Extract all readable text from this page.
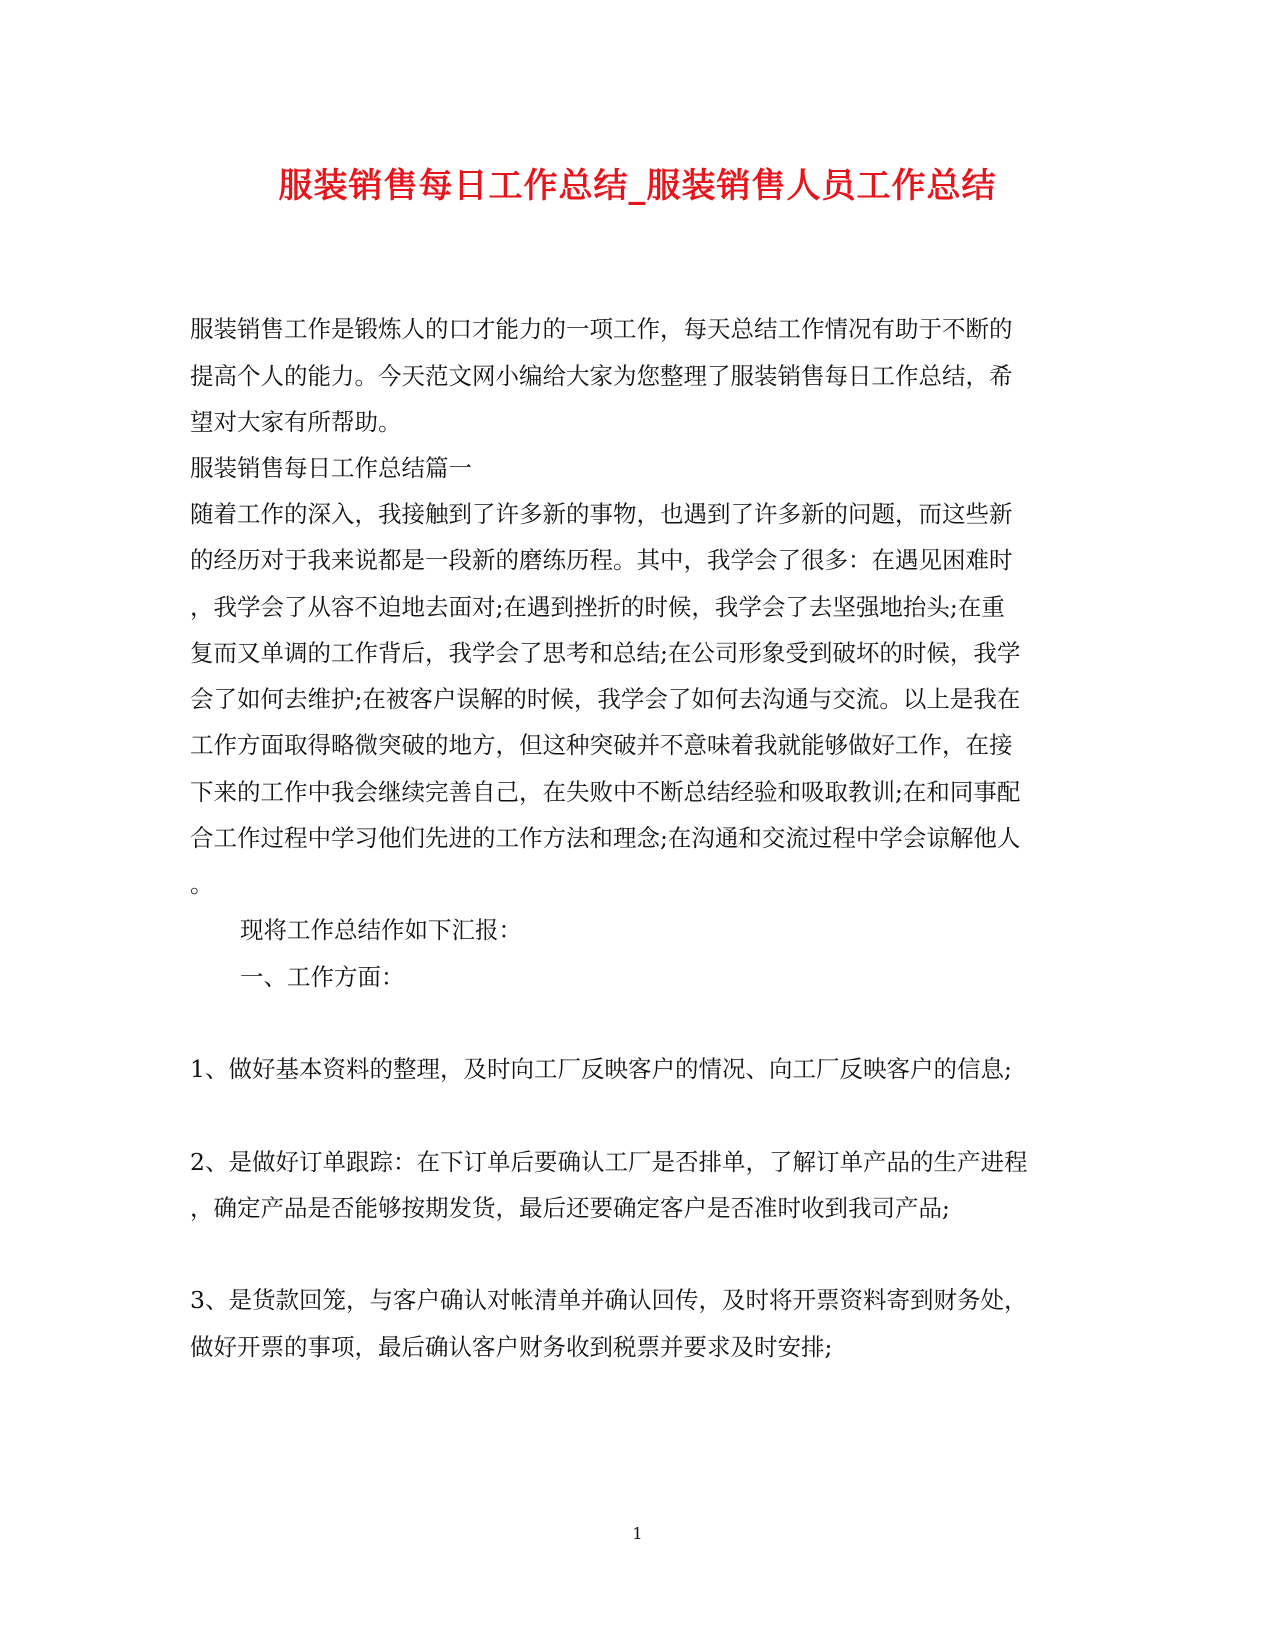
服装销售每日工作总结_服装销售人员工作总结

服装销售工作是锻炼人的口才能力的一项工作，每天总结工作情况有助于不断的

提高个人的能力。今天范文网小编给大家为您整理了服装销售每日工作总结，希

望对大家有所帮助。

服装销售每日工作总结篇一

随着工作的深入，我接触到了许多新的事物，也遇到了许多新的问题，而这些新

的经历对于我来说都是一段新的磨练历程。其中，我学会了很多：在遇见困难时

，我学会了从容不迫地去面对;在遇到挫折的时候，我学会了去坚强地抬头;在重

复而又单调的工作背后，我学会了思考和总结;在公司形象受到破坏的时候，我学

会了如何去维护;在被客户误解的时候，我学会了如何去沟通与交流。以上是我在

工作方面取得略微突破的地方，但这种突破并不意味着我就能够做好工作，在接

下来的工作中我会继续完善自己，在失败中不断总结经验和吸取教训;在和同事配

合工作过程中学习他们先进的工作方法和理念;在沟通和交流过程中学会谅解他人

。

现将工作总结作如下汇报：

一、工作方面：

1、做好基本资料的整理，及时向工厂反映客户的情况、向工厂反映客户的信息;

2、是做好订单跟踪：在下订单后要确认工厂是否排单，了解订单产品的生产进程

，确定产品是否能够按期发货，最后还要确定客户是否准时收到我司产品;

3、是货款回笼，与客户确认对帐清单并确认回传，及时将开票资料寄到财务处，

做好开票的事项，最后确认客户财务收到税票并要求及时安排;

1
